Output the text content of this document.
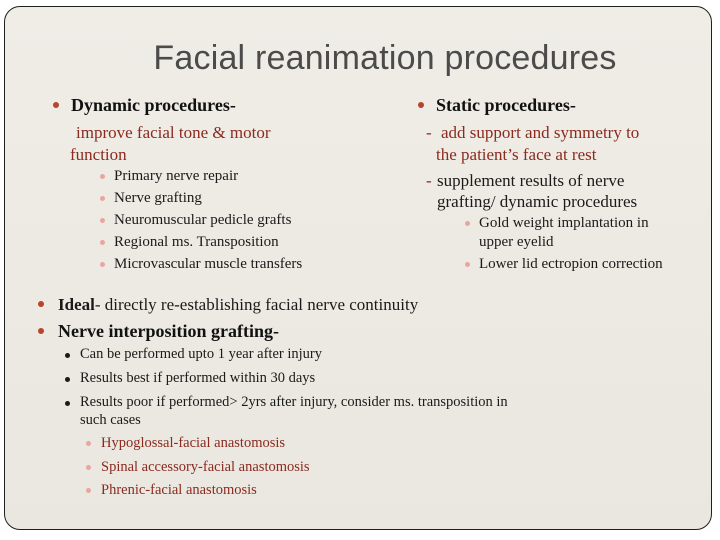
Facial reanimation procedures
Dynamic procedures-
improve facial tone & motor
function
Primary nerve repair
Nerve grafting
Neuromuscular pedicle grafts
Regional ms. Transposition
Microvascular muscle transfers
Static procedures-
- add support and symmetry to
the patient’s face at rest
- supplement results of nerve
grafting/ dynamic procedures
Gold weight implantation in
upper eyelid
Lower lid ectropion correction
Ideal- directly re-establishing facial nerve continuity
Nerve interposition grafting-
Can be performed upto 1 year after injury
Results best if performed within 30 days
Results poor if performed> 2yrs after injury, consider ms. transposition in
such cases
Hypoglossal-facial anastomosis
Spinal accessory-facial anastomosis
Phrenic-facial anastomosis
